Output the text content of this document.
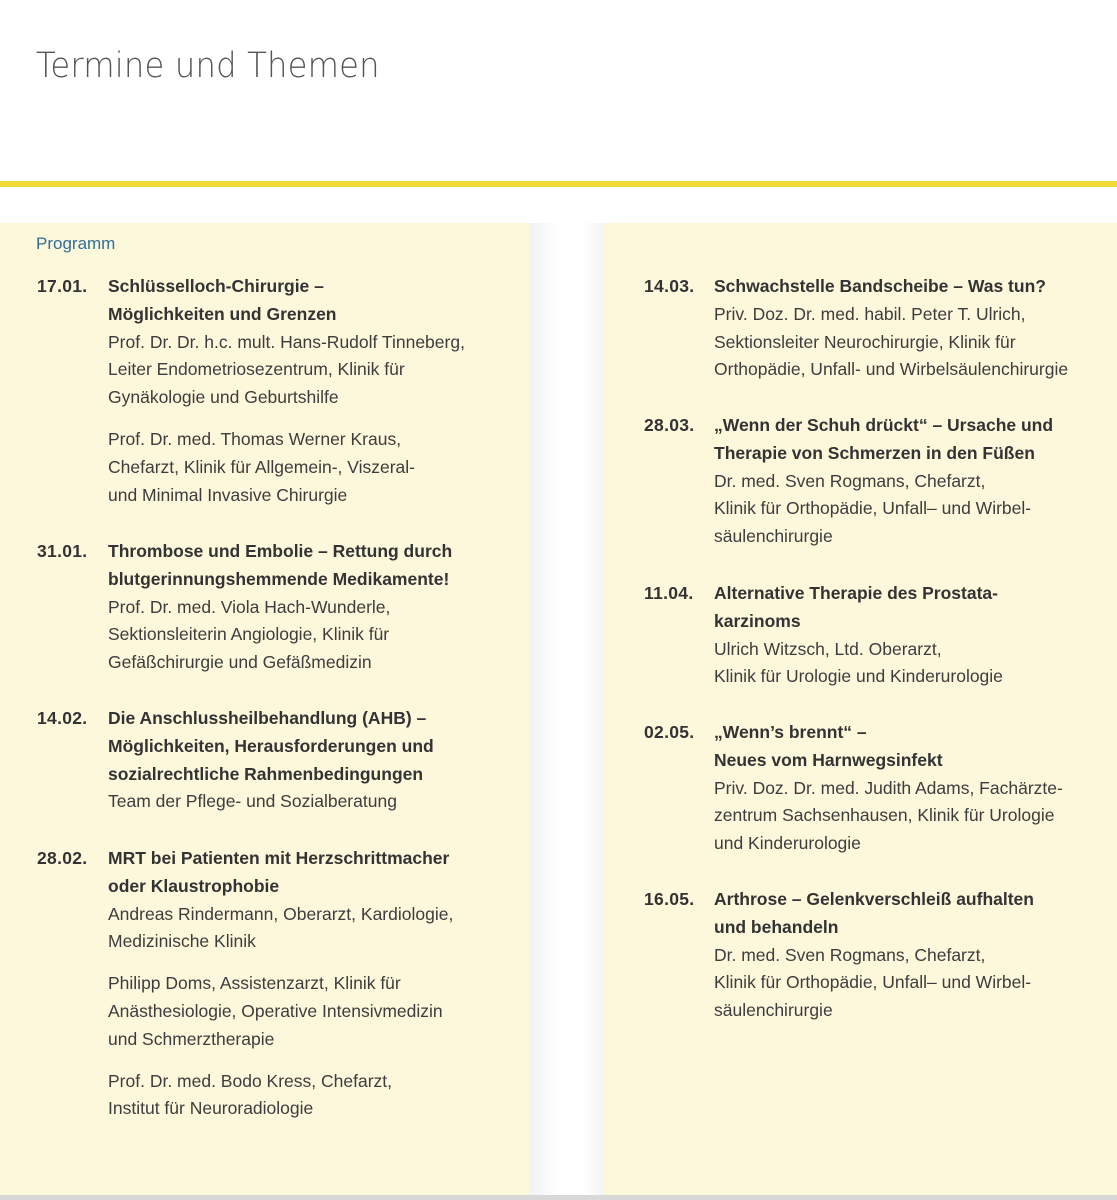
Termine und Themen
Programm
17.01. Schlüsselloch-Chirurgie –
Möglichkeiten und Grenzen
Prof. Dr. Dr. h.c. mult. Hans-Rudolf Tinneberg,
Leiter Endometriosezentrum, Klinik für
Gynäkologie und Geburtshilfe
Prof. Dr. med. Thomas Werner Kraus,
Chefarzt, Klinik für Allgemein-, Viszeral-
und Minimal Invasive Chirurgie
31.01. Thrombose und Embolie – Rettung durch
blutgerinnungshemmende Medikamente!
Prof. Dr. med. Viola Hach-Wunderle,
Sektionsleiterin Angiologie, Klinik für
Gefäßchirurgie und Gefäßmedizin
14.02. Die Anschlussheilbehandlung (AHB) –
Möglichkeiten, Herausforderungen und
sozialrechtliche Rahmenbedingungen
Team der Pflege- und Sozialberatung
28.02. MRT bei Patienten mit Herzschrittmacher
oder Klaustrophobie
Andreas Rindermann, Oberarzt, Kardiologie,
Medizinische Klinik
Philipp Doms, Assistenzarzt, Klinik für
Anästhesiologie, Operative Intensivmedizin
und Schmerztherapie
Prof. Dr. med. Bodo Kress, Chefarzt,
Institut für Neuroradiologie
14.03. Schwachstelle Bandscheibe – Was tun?
Priv. Doz. Dr. med. habil. Peter T. Ulrich,
Sektionsleiter Neurochirurgie, Klinik für
Orthopädie, Unfall- und Wirbelsäulenchirurgie
28.03. „Wenn der Schuh drückt“ – Ursache und
Therapie von Schmerzen in den Füßen
Dr. med. Sven Rogmans, Chefarzt,
Klinik für Orthopädie, Unfall– und Wirbel-
säulenchirurgie
11.04. Alternative Therapie des Prostata-
karzinoms
Ulrich Witzsch, Ltd. Oberarzt,
Klinik für Urologie und Kinderurologie
02.05. „Wenn’s brennt“ –
Neues vom Harnwegsinfekt
Priv. Doz. Dr. med. Judith Adams, Fachärzte-
zentrum Sachsenhausen, Klinik für Urologie
und Kinderurologie
16.05. Arthrose – Gelenkverschleiß aufhalten
und behandeln
Dr. med. Sven Rogmans, Chefarzt,
Klinik für Orthopädie, Unfall– und Wirbel-
säulenchirurgie
